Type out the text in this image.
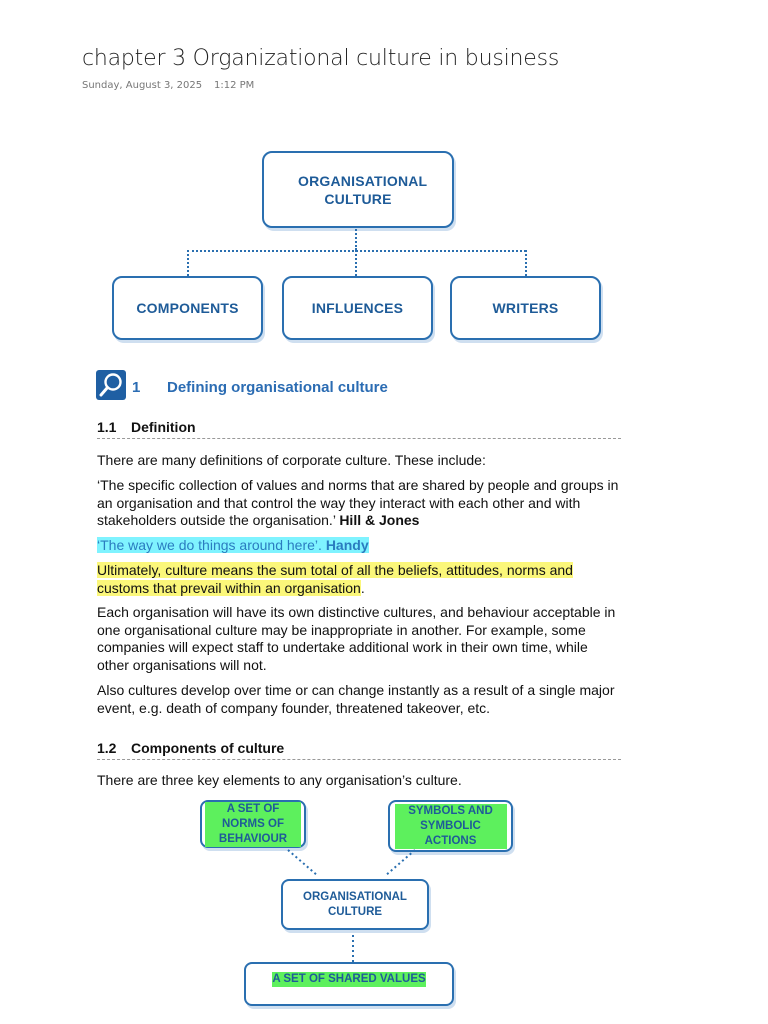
chapter 3 Organizational culture in business
Sunday, August 3, 2025 1:12 PM
ORGANISATIONAL CULTURE
COMPONENTS	INFLUENCES	WRITERS
1 Defining organisational culture
1.1 Definition
There are many definitions of corporate culture. These include:
‘The specific collection of values and norms that are shared by people and groups in an organisation and that control the way they interact with each other and with stakeholders outside the organisation.’ Hill & Jones
‘The way we do things around here’. Handy
Ultimately, culture means the sum total of all the beliefs, attitudes, norms and customs that prevail within an organisation.
Each organisation will have its own distinctive cultures, and behaviour acceptable in one organisational culture may be inappropriate in another. For example, some companies will expect staff to undertake additional work in their own time, while other organisations will not.
Also cultures develop over time or can change instantly as a result of a single major event, e.g. death of company founder, threatened takeover, etc.
1.2 Components of culture
There are three key elements to any organisation’s culture.
A SET OF NORMS OF BEHAVIOUR
SYMBOLS AND SYMBOLIC ACTIONS
ORGANISATIONAL CULTURE
A SET OF SHARED VALUES
